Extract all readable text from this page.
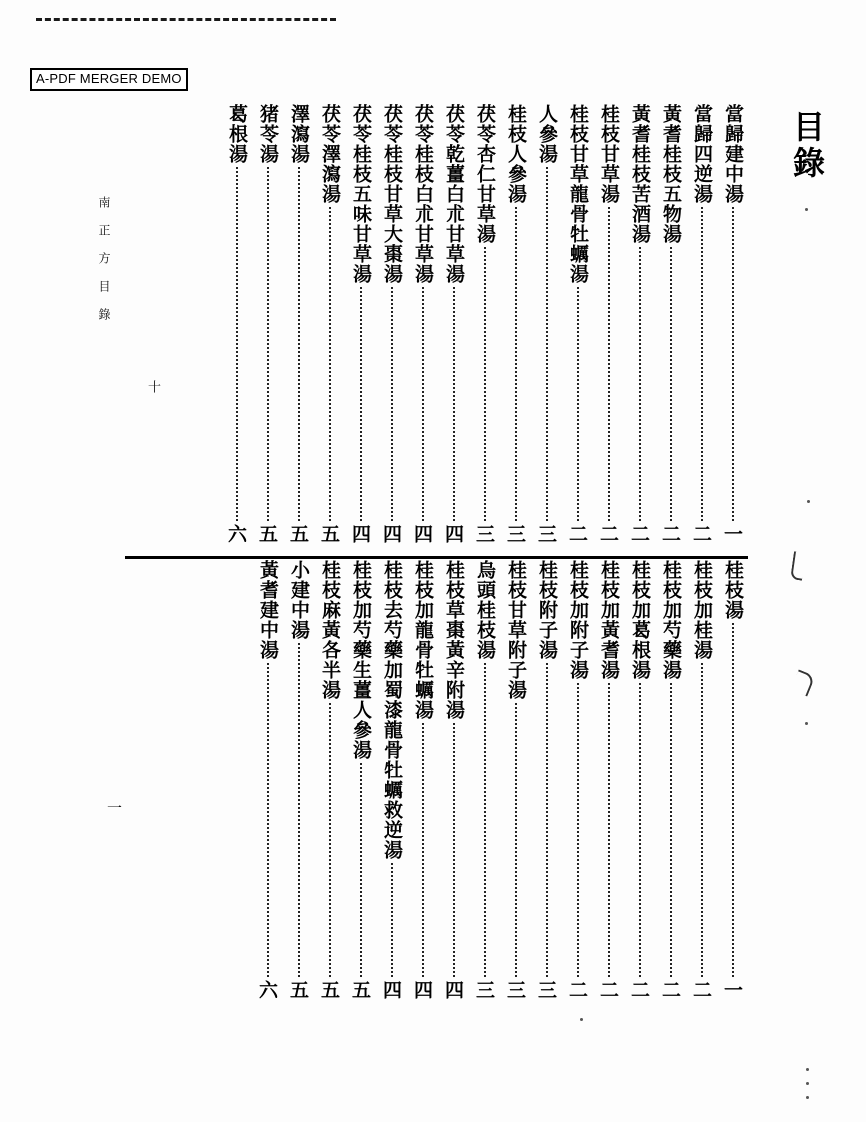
A-PDF MERGER DEMO
目錄
南正方目錄
十
一
當歸建中湯
一
當歸四逆湯
二
黃耆桂枝五物湯
二
黃耆桂枝苦酒湯
二
桂枝甘草湯
二
桂枝甘草龍骨牡蠣湯
二
人參湯
三
桂枝人參湯
三
茯苓杏仁甘草湯
三
茯苓乾薑白朮甘草湯
四
茯苓桂枝白朮甘草湯
四
茯苓桂枝甘草大棗湯
四
茯苓桂枝五味甘草湯
四
茯苓澤瀉湯
五
澤瀉湯
五
猪苓湯
五
葛根湯
六
桂枝湯
一
桂枝加桂湯
二
桂枝加芍藥湯
二
桂枝加葛根湯
二
桂枝加黃耆湯
二
桂枝加附子湯
二
桂枝附子湯
三
桂枝甘草附子湯
三
烏頭桂枝湯
三
桂枝草棗黃辛附湯
四
桂枝加龍骨牡蠣湯
四
桂枝去芍藥加蜀漆龍骨牡蠣救逆湯
四
桂枝加芍藥生薑人參湯
五
桂枝麻黃各半湯
五
小建中湯
五
黃耆建中湯
六
